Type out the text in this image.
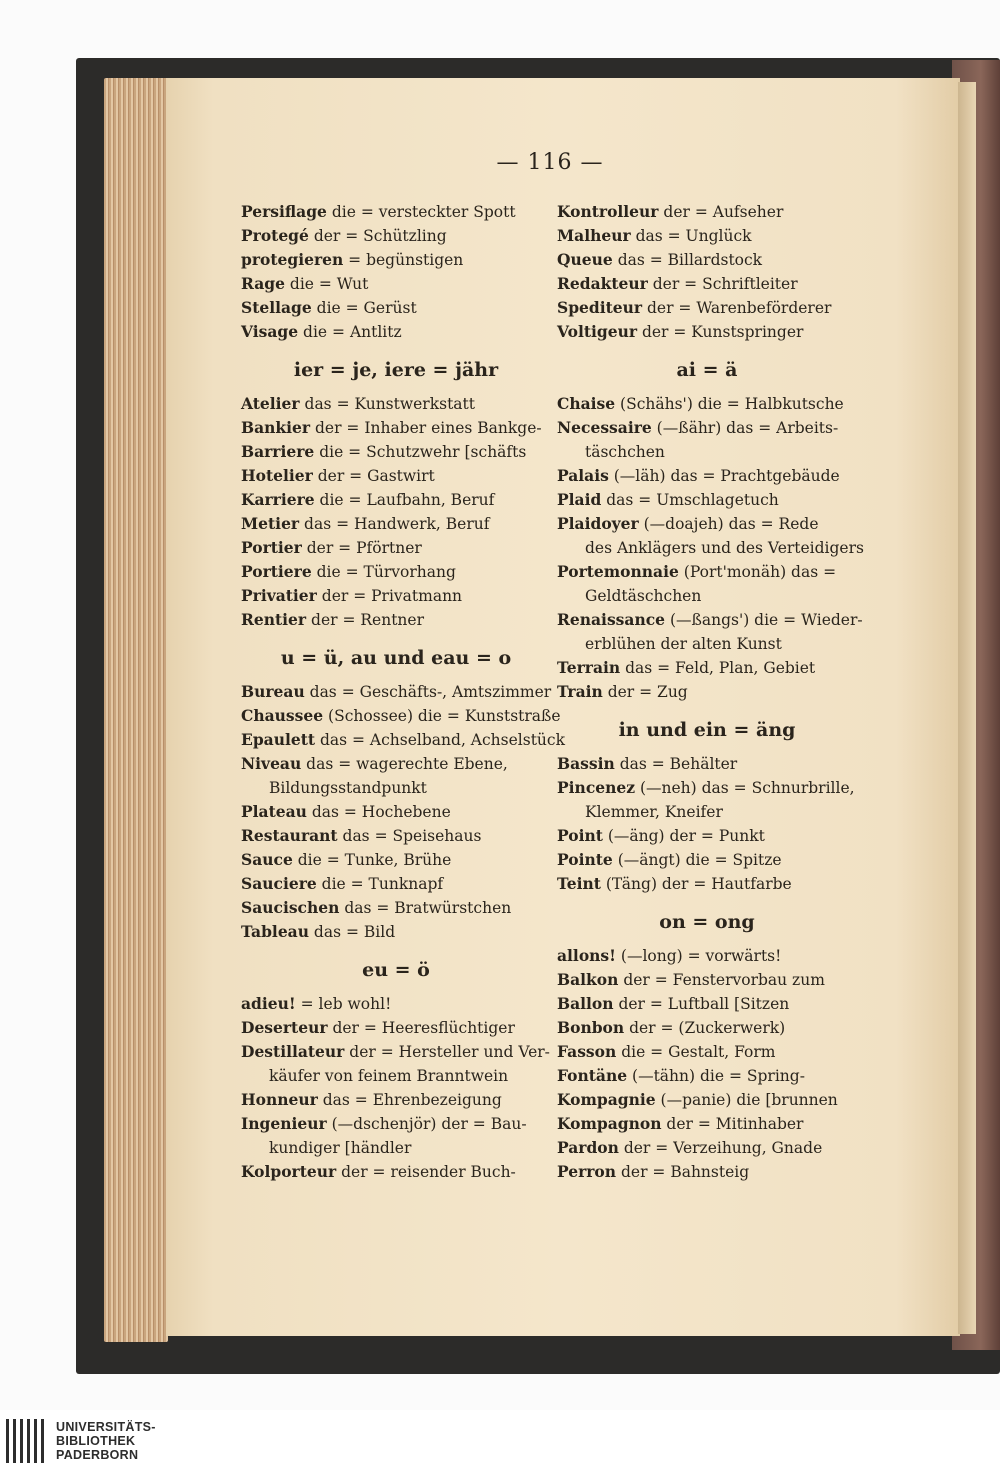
— 116 —
Persiflage die = versteckter Spott
Protegé der = Schützling
protegieren = begünstigen
Rage die = Wut
Stellage die = Gerüst
Visage die = Antlitz
ier = je, iere = jähr
Atelier das = Kunstwerkstatt
Bankier der = Inhaber eines Bankge-
Barriere die = Schutzwehr [schäfts
Hotelier der = Gastwirt
Karriere die = Laufbahn, Beruf
Metier das = Handwerk, Beruf
Portier der = Pförtner
Portiere die = Türvorhang
Privatier der = Privatmann
Rentier der = Rentner
u = ü, au und eau = o
Bureau das = Geschäfts-, Amtszimmer
Chaussee (Schossee) die = Kunststraße
Epaulett das = Achselband, Achselstück
Niveau das = wagerechte Ebene,
Bildungsstandpunkt
Plateau das = Hochebene
Restaurant das = Speisehaus
Sauce die = Tunke, Brühe
Sauciere die = Tunknapf
Saucischen das = Bratwürstchen
Tableau das = Bild
eu = ö
adieu! = leb wohl!
Deserteur der = Heeresflüchtiger
Destillateur der = Hersteller und Ver-
käufer von feinem Branntwein
Honneur das = Ehrenbezeigung
Ingenieur (—dschenjör) der = Bau-
kundiger [händler
Kolporteur der = reisender Buch-
Kontrolleur der = Aufseher
Malheur das = Unglück
Queue das = Billardstock
Redakteur der = Schriftleiter
Spediteur der = Warenbeförderer
Voltigeur der = Kunstspringer
ai = ä
Chaise (Schähs') die = Halbkutsche
Necessaire (—ßähr) das = Arbeits-
täschchen
Palais (—läh) das = Prachtgebäude
Plaid das = Umschlagetuch
Plaidoyer (—doajeh) das = Rede
des Anklägers und des Verteidigers
Portemonnaie (Port'monäh) das =
Geldtäschchen
Renaissance (—ßangs') die = Wieder-
erblühen der alten Kunst
Terrain das = Feld, Plan, Gebiet
Train der = Zug
in und ein = äng
Bassin das = Behälter
Pincenez (—neh) das = Schnurbrille,
Klemmer, Kneifer
Point (—äng) der = Punkt
Pointe (—ängt) die = Spitze
Teint (Täng) der = Hautfarbe
on = ong
allons! (—long) = vorwärts!
Balkon der = Fenstervorbau zum
Ballon der = Luftball [Sitzen
Bonbon der = (Zuckerwerk)
Fasson die = Gestalt, Form
Fontäne (—tähn) die = Spring-
Kompagnie (—panie) die [brunnen
Kompagnon der = Mitinhaber
Pardon der = Verzeihung, Gnade
Perron der = Bahnsteig
UNIVERSITÄTS-
BIBLIOTHEK
PADERBORN
